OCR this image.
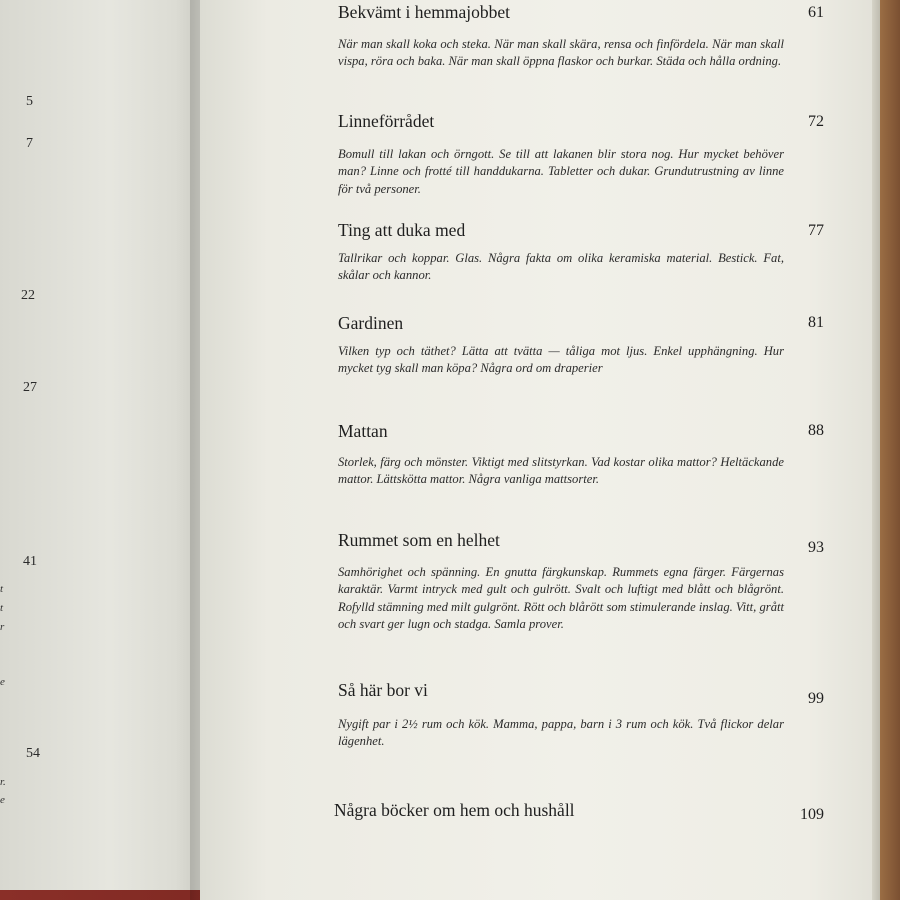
5
7
22
27
41
54
t
t
r
e
r.
e
Bekvämt i hemmajobbet	61
När man skall koka och steka. När man skall skära, rensa och finfördela. När man skall vispa, röra och baka. När man skall öppna flaskor och burkar. Städa och hålla ordning.
Linneförrådet	72
Bomull till lakan och örngott. Se till att lakanen blir stora nog. Hur mycket behöver man? Linne och frotté till handdukarna. Tabletter och dukar. Grundutrustning av linne för två personer.
Ting att duka med	77
Tallrikar och koppar. Glas. Några fakta om olika keramiska material. Bestick. Fat, skålar och kannor.
Gardinen	81
Vilken typ och täthet? Lätta att tvätta — tåliga mot ljus. Enkel upphängning. Hur mycket tyg skall man köpa? Några ord om draperier
Mattan	88
Storlek, färg och mönster. Viktigt med slitstyrkan. Vad kostar olika mattor? Heltäckande mattor. Lättskötta mattor. Några vanliga mattsorter.
Rummet som en helhet	93
Samhörighet och spänning. En gnutta färgkunskap. Rummets egna färger. Färgernas karaktär. Varmt intryck med gult och gulrött. Svalt och luftigt med blått och blågrönt. Rofylld stämning med milt gulgrönt. Rött och blårött som stimulerande inslag. Vitt, grått och svart ger lugn och stadga. Samla prover.
Så här bor vi	99
Nygift par i 2½ rum och kök. Mamma, pappa, barn i 3 rum och kök. Två flickor delar lägenhet.
Några böcker om hem och hushåll	109
